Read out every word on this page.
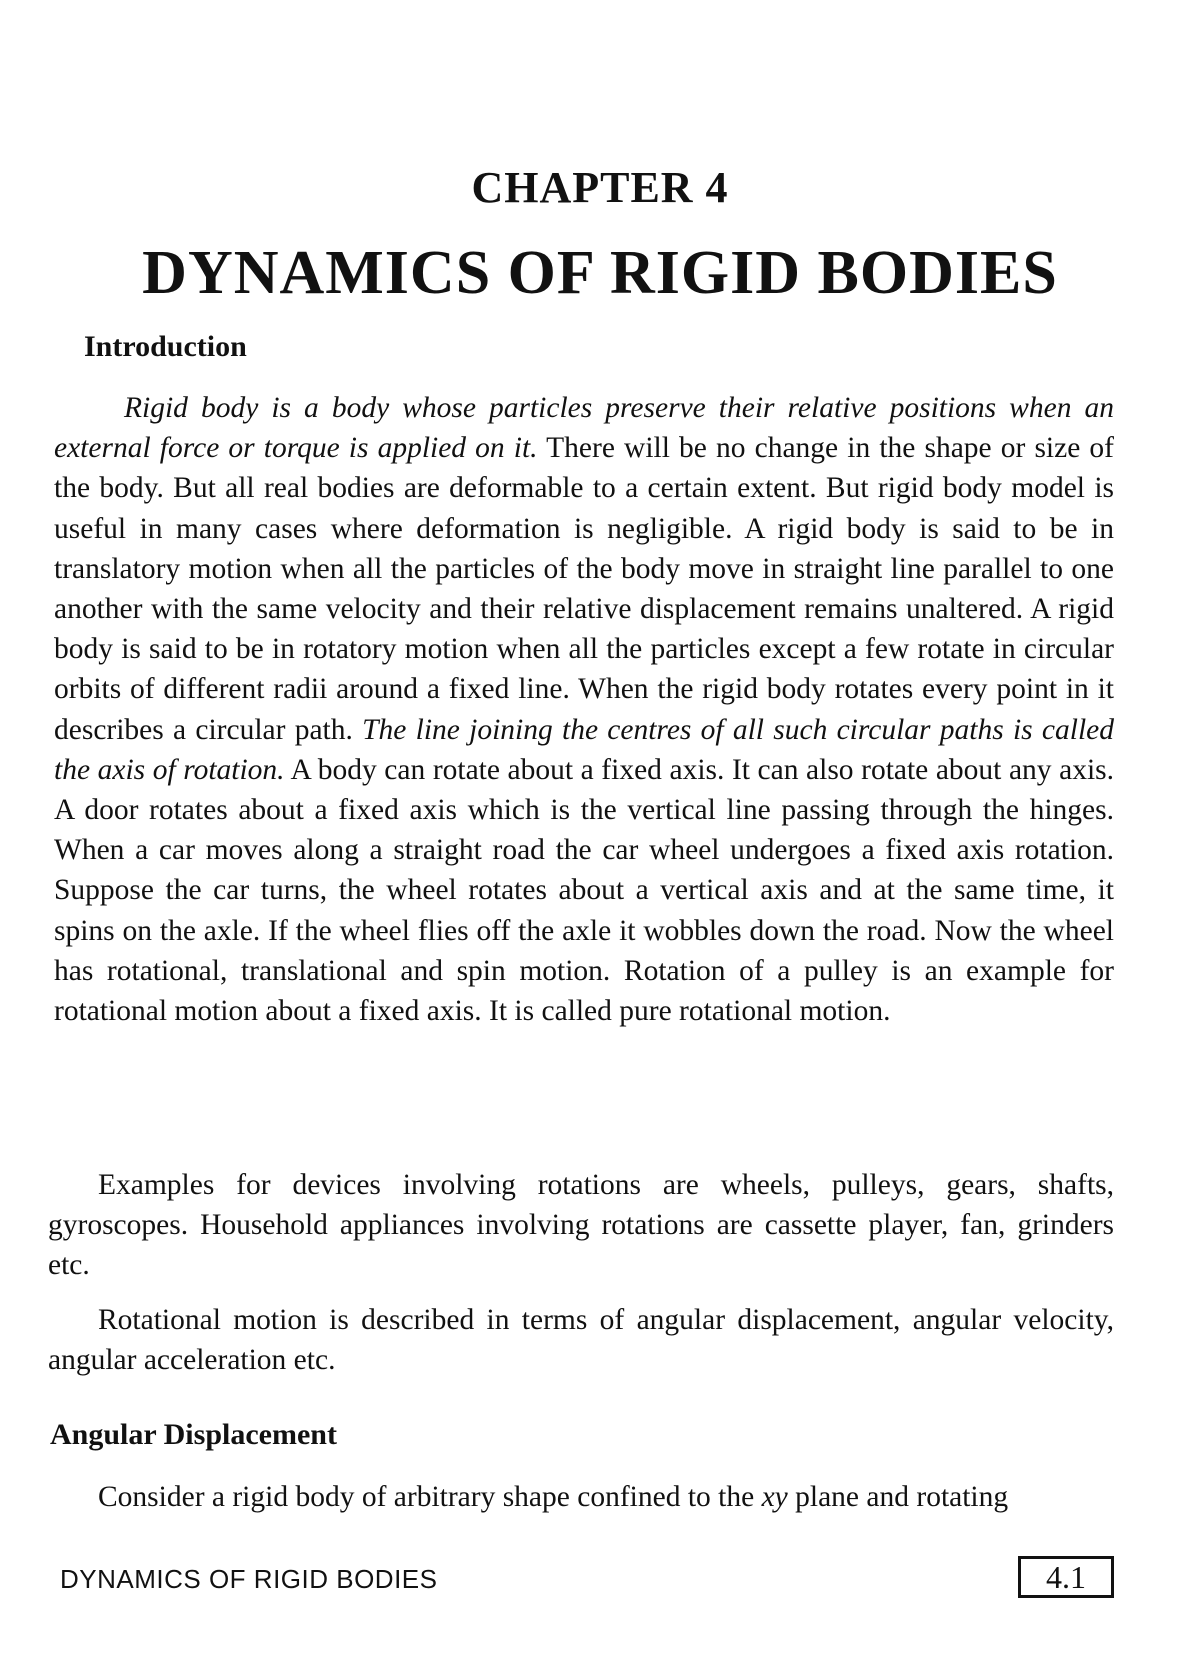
CHAPTER 4
DYNAMICS OF RIGID BODIES
Introduction

Rigid body is a body whose particles preserve their relative positions when an external force or torque is applied on it. There will be no change in the shape or size of the body. But all real bodies are deformable to a certain extent. But rigid body model is useful in many cases where deformation is negligible. A rigid body is said to be in translatory motion when all the particles of the body move in straight line parallel to one another with the same velocity and their relative displacement remains unaltered. A rigid body is said to be in rotatory motion when all the particles except a few rotate in circular orbits of different radii around a fixed line. When the rigid body rotates every point in it describes a circular path. The line joining the centres of all such circular paths is called the axis of rotation. A body can rotate about a fixed axis. It can also rotate about any axis. A door rotates about a fixed axis which is the vertical line passing through the hinges. When a car moves along a straight road the car wheel undergoes a fixed axis rotation. Suppose the car turns, the wheel rotates about a vertical axis and at the same time, it spins on the axle. If the wheel flies off the axle it wobbles down the road. Now the wheel has rotational, translational and spin motion. Rotation of a pulley is an example for rotational motion about a fixed axis. It is called pure rotational motion.

Examples for devices involving rotations are wheels, pulleys, gears, shafts, gyroscopes. Household appliances involving rotations are cassette player, fan, grinders etc.

Rotational motion is described in terms of angular displacement, angular velocity, angular acceleration etc.

Angular Displacement

Consider a rigid body of arbitrary shape confined to the xy plane and rotating

DYNAMICS OF RIGID BODIES	4.1
